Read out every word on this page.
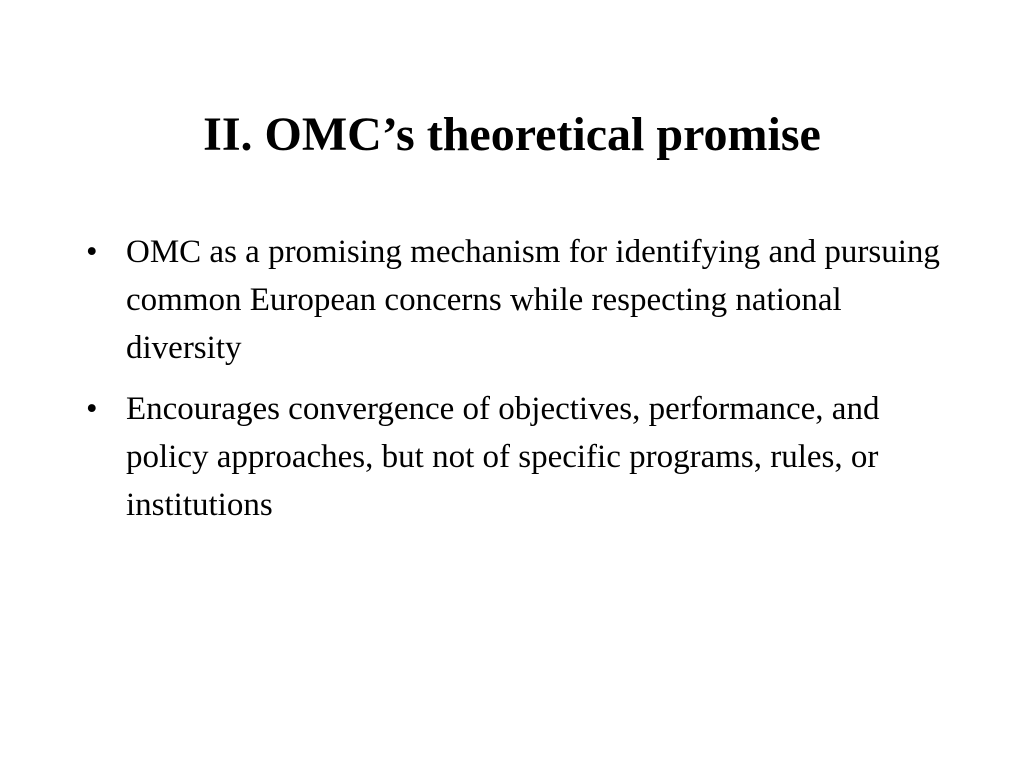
II. OMC’s theoretical promise
• OMC as a promising mechanism for identifying and pursuing common European concerns while respecting national diversity
• Encourages convergence of objectives, performance, and policy approaches, but not of specific programs, rules, or institutions
